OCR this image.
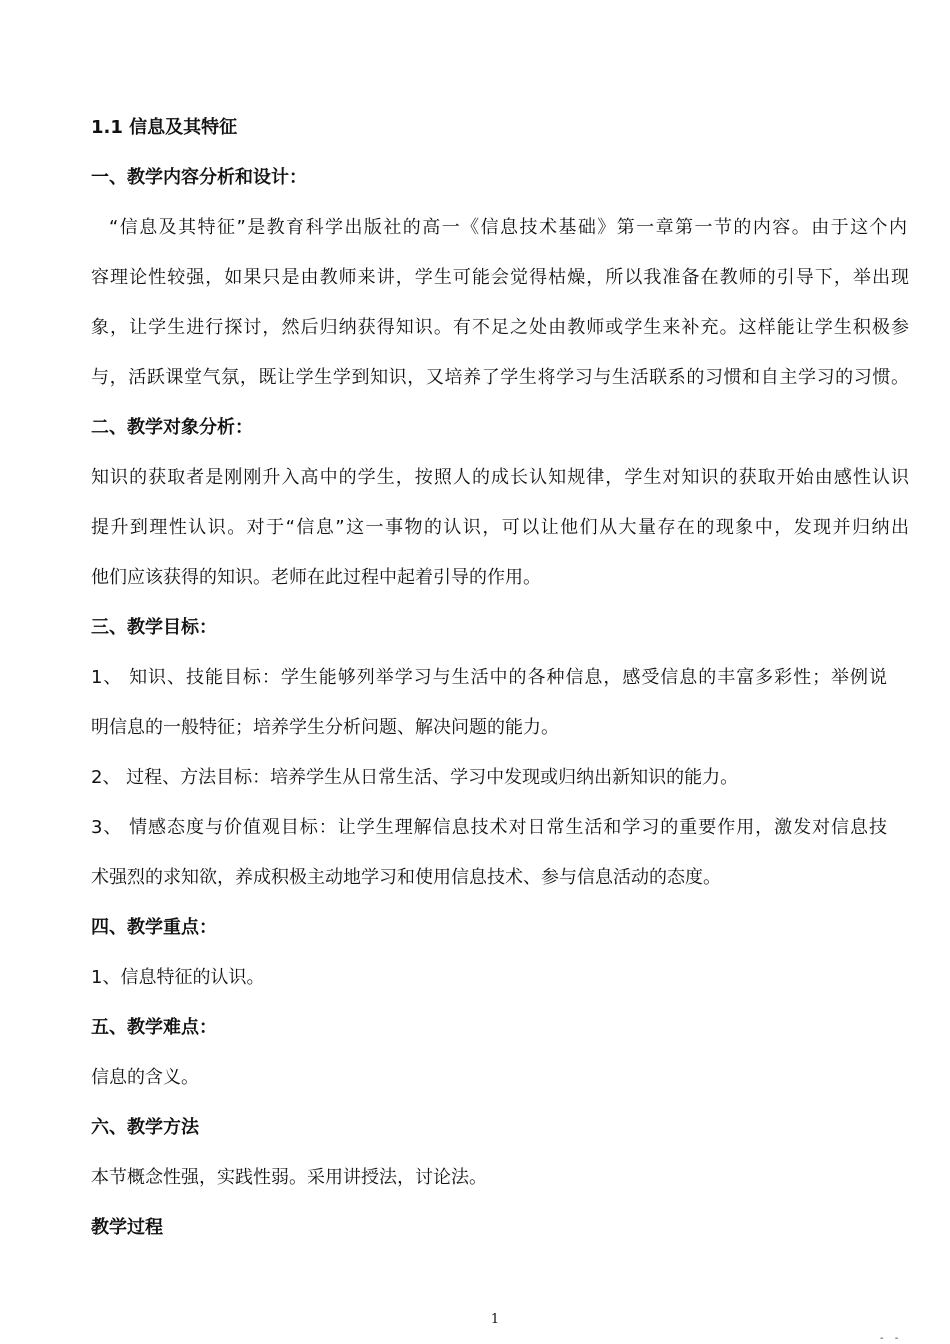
1.1 信息及其特征
一、教学内容分析和设计：
“信息及其特征”是教育科学出版社的高一《信息技术基础》第一章第一节的内容。由于这个内
容理论性较强，如果只是由教师来讲，学生可能会觉得枯燥，所以我准备在教师的引导下，举出现
象，让学生进行探讨，然后归纳获得知识。有不足之处由教师或学生来补充。这样能让学生积极参
与，活跃课堂气氛，既让学生学到知识，又培养了学生将学习与生活联系的习惯和自主学习的习惯。
二、教学对象分析：
知识的获取者是刚刚升入高中的学生，按照人的成长认知规律，学生对知识的获取开始由感性认识
提升到理性认识。对于“信息”这一事物的认识，可以让他们从大量存在的现象中，发现并归纳出
他们应该获得的知识。老师在此过程中起着引导的作用。
三、教学目标：
1、 知识、技能目标：学生能够列举学习与生活中的各种信息，感受信息的丰富多彩性；举例说
明信息的一般特征；培养学生分析问题、解决问题的能力。
2、 过程、方法目标：培养学生从日常生活、学习中发现或归纳出新知识的能力。
3、 情感态度与价值观目标：让学生理解信息技术对日常生活和学习的重要作用，激发对信息技
术强烈的求知欲，养成积极主动地学习和使用信息技术、参与信息活动的态度。
四、教学重点：
1、信息特征的认识。
五、教学难点：
信息的含义。
六、教学方法
本节概念性强，实践性弱。采用讲授法，讨论法。
教学过程
1
- -
